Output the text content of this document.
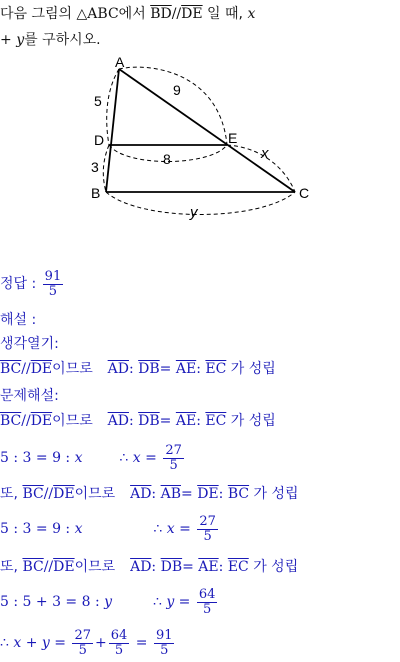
다음 그림의 △ABC에서 $\overline{BD}//\overline{DE}$ 일 때, x
+ y를 구하시오.
A
D	E
B	C
5
3
9
8	x
y
정답 : $\frac{91}{5}$
해설 :
생각열기:
$\overline{BC}//\overline{DE}$이므로 $\overline{AD}$: $\overline{DB}= \overline{AE}$: $\overline{EC}$ 가 성립
문제해설:
$\overline{BC}//\overline{DE}$이므로 $\overline{AD}$: $\overline{DB}= \overline{AE}$: $\overline{EC}$ 가 성립
5 : 3 = 9 : x	∴ $x = \frac{27}{5}$
또, $\overline{BC}//\overline{DE}$이므로 $\overline{AD}$: $\overline{AB}= \overline{DE}$: $\overline{BC}$ 가 성립
5 : 3 = 9 : x	∴ $x = \frac{27}{5}$
또, $\overline{BC}//\overline{DE}$이므로 $\overline{AD}$: $\overline{DB}= \overline{AE}$: $\overline{EC}$ 가 성립
5 : 5 + 3 = 8 : y	∴ $y = \frac{64}{5}$
∴ $x + y = \frac{27}{5} + \frac{64}{5} = \frac{91}{5}$
